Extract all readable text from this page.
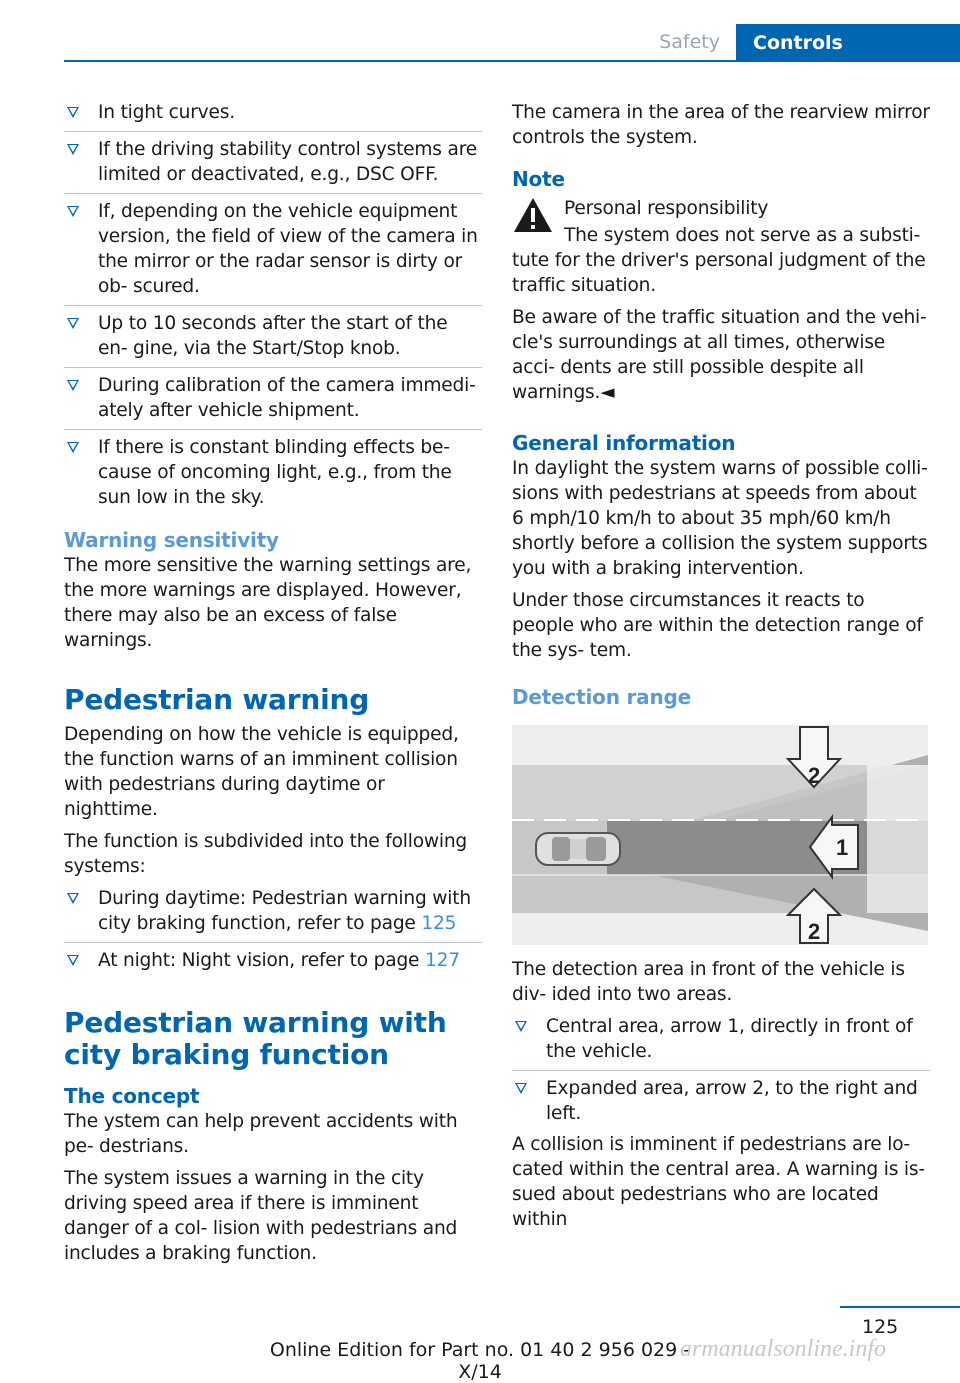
Safety	Controls

In tight curves.

If the driving stability control systems are limited or deactivated, e.g., DSC OFF.

If, depending on the vehicle equipment version, the field of view of the camera in the mirror or the radar sensor is dirty or ob‐ scured.

Up to 10 seconds after the start of the en‐ gine, via the Start/Stop knob.

During calibration of the camera immedi‐ ately after vehicle shipment.

If there is constant blinding effects be‐ cause of oncoming light, e.g., from the sun low in the sky.

Warning sensitivity

The more sensitive the warning settings are, the more warnings are displayed. However, there may also be an excess of false warnings.

Pedestrian warning

Depending on how the vehicle is equipped, the function warns of an imminent collision with pedestrians during daytime or nighttime.

The function is subdivided into the following systems:

During daytime: Pedestrian warning with city braking function, refer to page 125

At night: Night vision, refer to page 127

Pedestrian warning with city braking function

The concept

The ystem can help prevent accidents with pe‐ destrians.

The system issues a warning in the city driving speed area if there is imminent danger of a col‐ lision with pedestrians and includes a braking function.

The camera in the area of the rearview mirror controls the system.

Note

Personal responsibility

The system does not serve as a substi‐ tute for the driver's personal judgment of the traffic situation.

Be aware of the traffic situation and the vehi‐ cle's surroundings at all times, otherwise acci‐ dents are still possible despite all warnings.◄

General information

In daylight the system warns of possible colli‐ sions with pedestrians at speeds from about 6 mph/10 km/h to about 35 mph/60 km/h shortly before a collision the system supports you with a braking intervention.

Under those circumstances it reacts to people who are within the detection range of the sys‐ tem.

Detection range

2
1
2

The detection area in front of the vehicle is div‐ ided into two areas.

Central area, arrow 1, directly in front of the vehicle.

Expanded area, arrow 2, to the right and left.

A collision is imminent if pedestrians are lo‐ cated within the central area. A warning is is‐ sued about pedestrians who are located within

125
Online Edition for Part no. 01 40 2 956 029 - X/14
armanualsonline.info
